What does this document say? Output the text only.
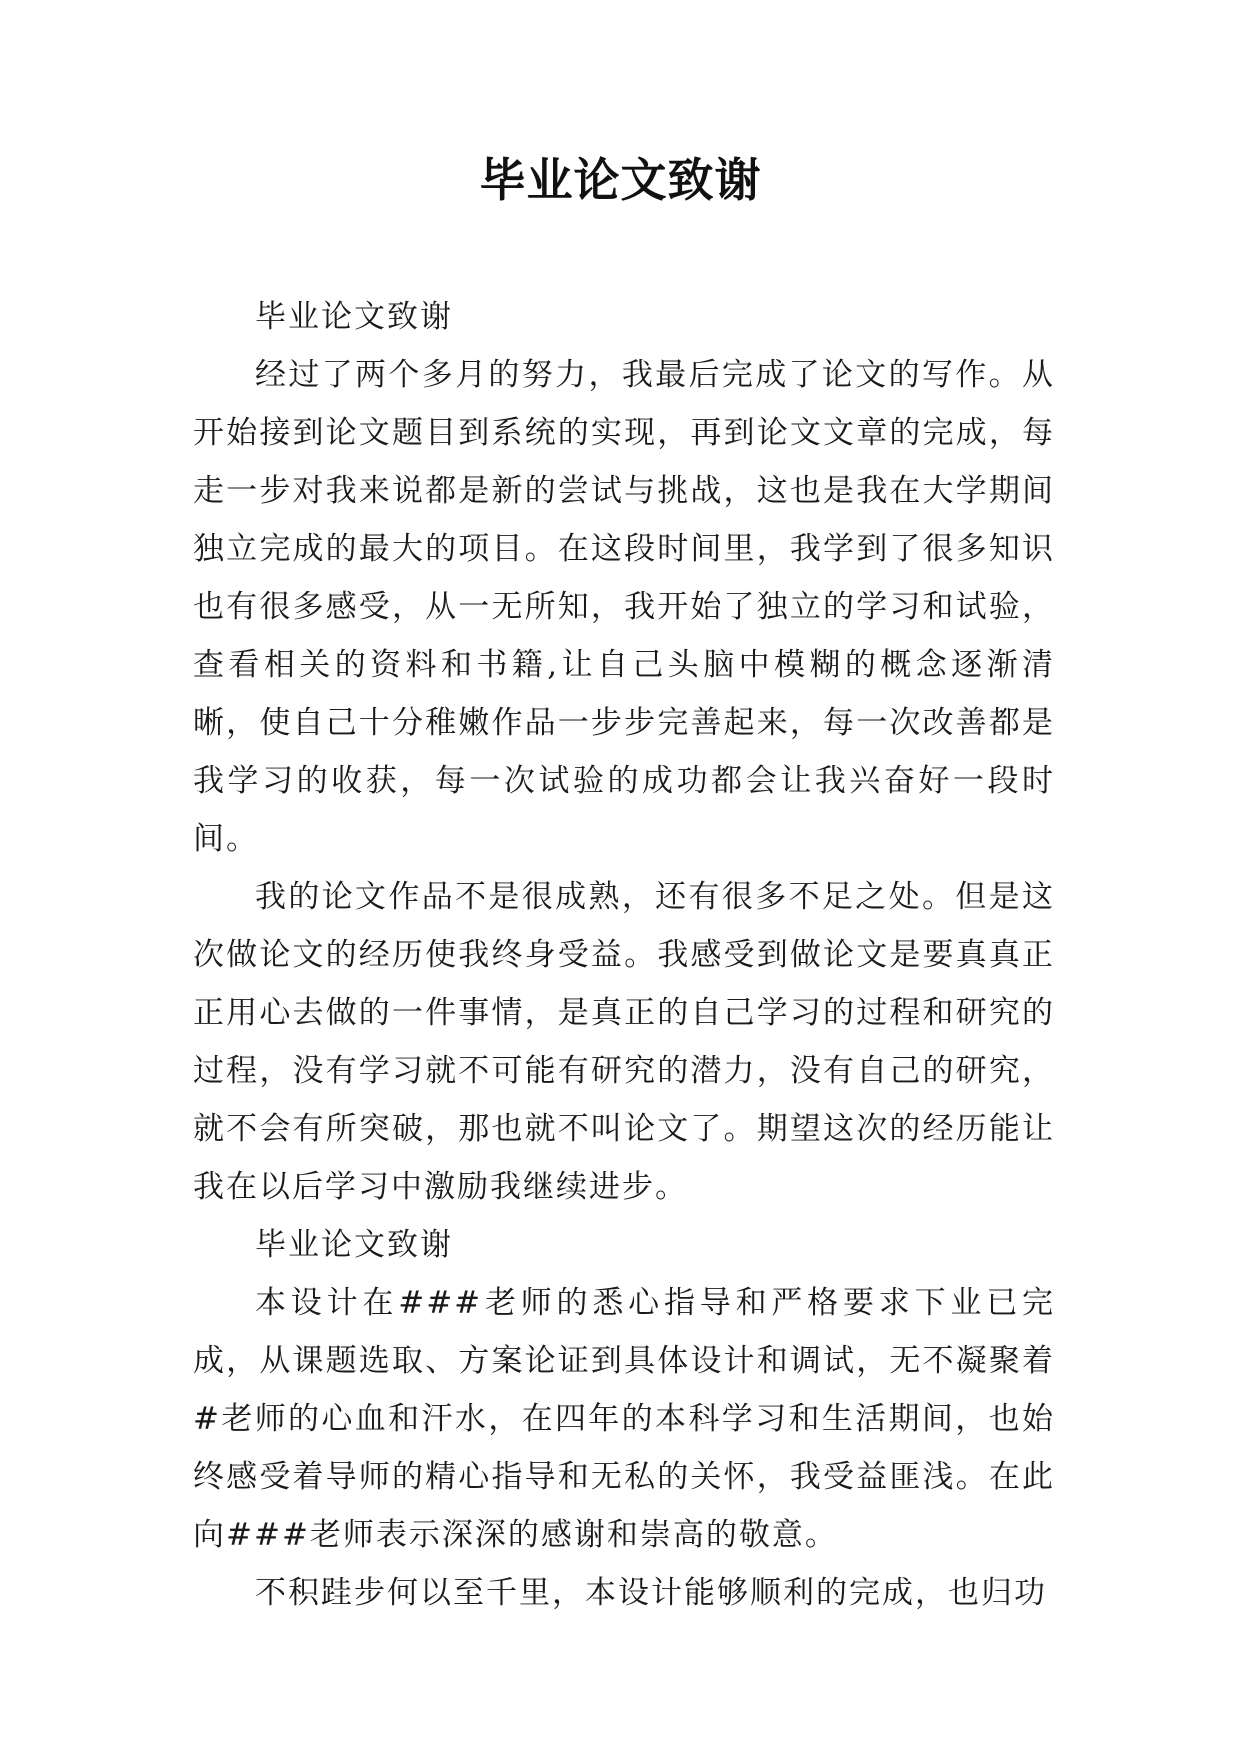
毕业论文致谢

毕业论文致谢

经过了两个多月的努力，我最后完成了论文的写作。从开始接到论文题目到系统的实现，再到论文文章的完成，每走一步对我来说都是新的尝试与挑战，这也是我在大学期间独立完成的最大的项目。在这段时间里，我学到了很多知识也有很多感受，从一无所知，我开始了独立的学习和试验，查看相关的资料和书籍,让自己头脑中模糊的概念逐渐清晰，使自己十分稚嫩作品一步步完善起来，每一次改善都是我学习的收获，每一次试验的成功都会让我兴奋好一段时间。

我的论文作品不是很成熟，还有很多不足之处。但是这次做论文的经历使我终身受益。我感受到做论文是要真真正正用心去做的一件事情，是真正的自己学习的过程和研究的过程，没有学习就不可能有研究的潜力，没有自己的研究，就不会有所突破，那也就不叫论文了。期望这次的经历能让我在以后学习中激励我继续进步。

毕业论文致谢

本设计在###老师的悉心指导和严格要求下业已完成，从课题选取、方案论证到具体设计和调试，无不凝聚着#老师的心血和汗水，在四年的本科学习和生活期间，也始终感受着导师的精心指导和无私的关怀，我受益匪浅。在此向###老师表示深深的感谢和崇高的敬意。

不积跬步何以至千里，本设计能够顺利的完成，也归功
